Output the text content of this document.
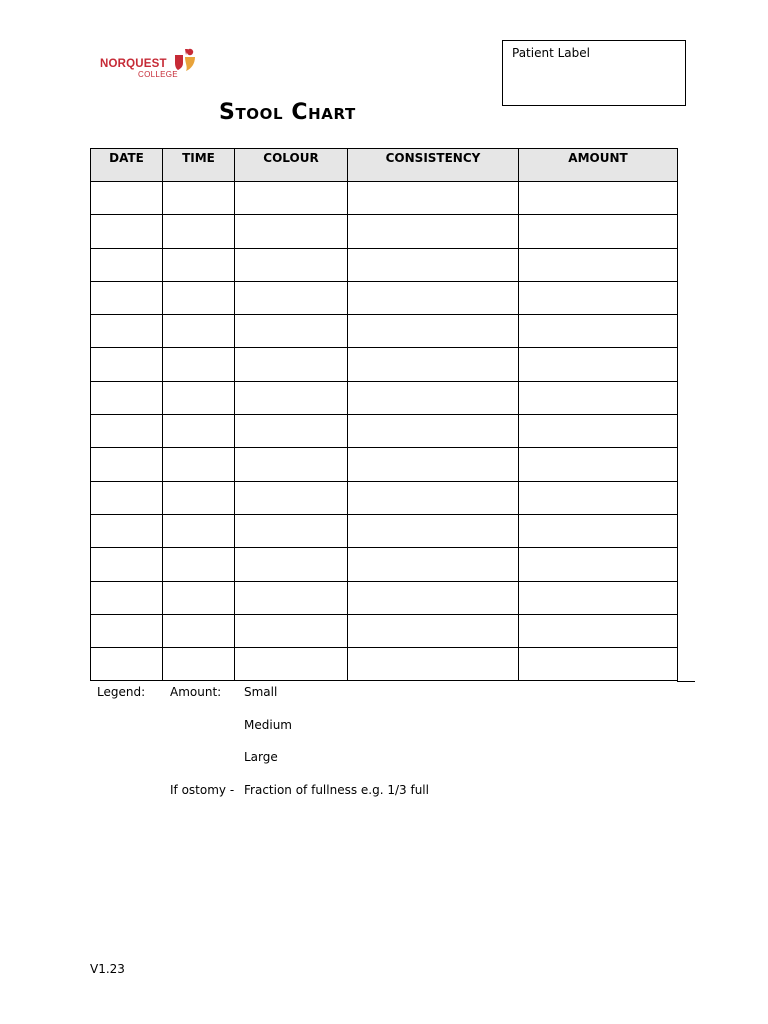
NORQUEST
COLLEGE
Patient Label
Stool Chart
DATE	TIME	COLOUR	CONSISTENCY	AMOUNT

Legend: Amount: Small
Medium
Large
If ostomy - Fraction of fullness e.g. 1/3 full
V1.23
